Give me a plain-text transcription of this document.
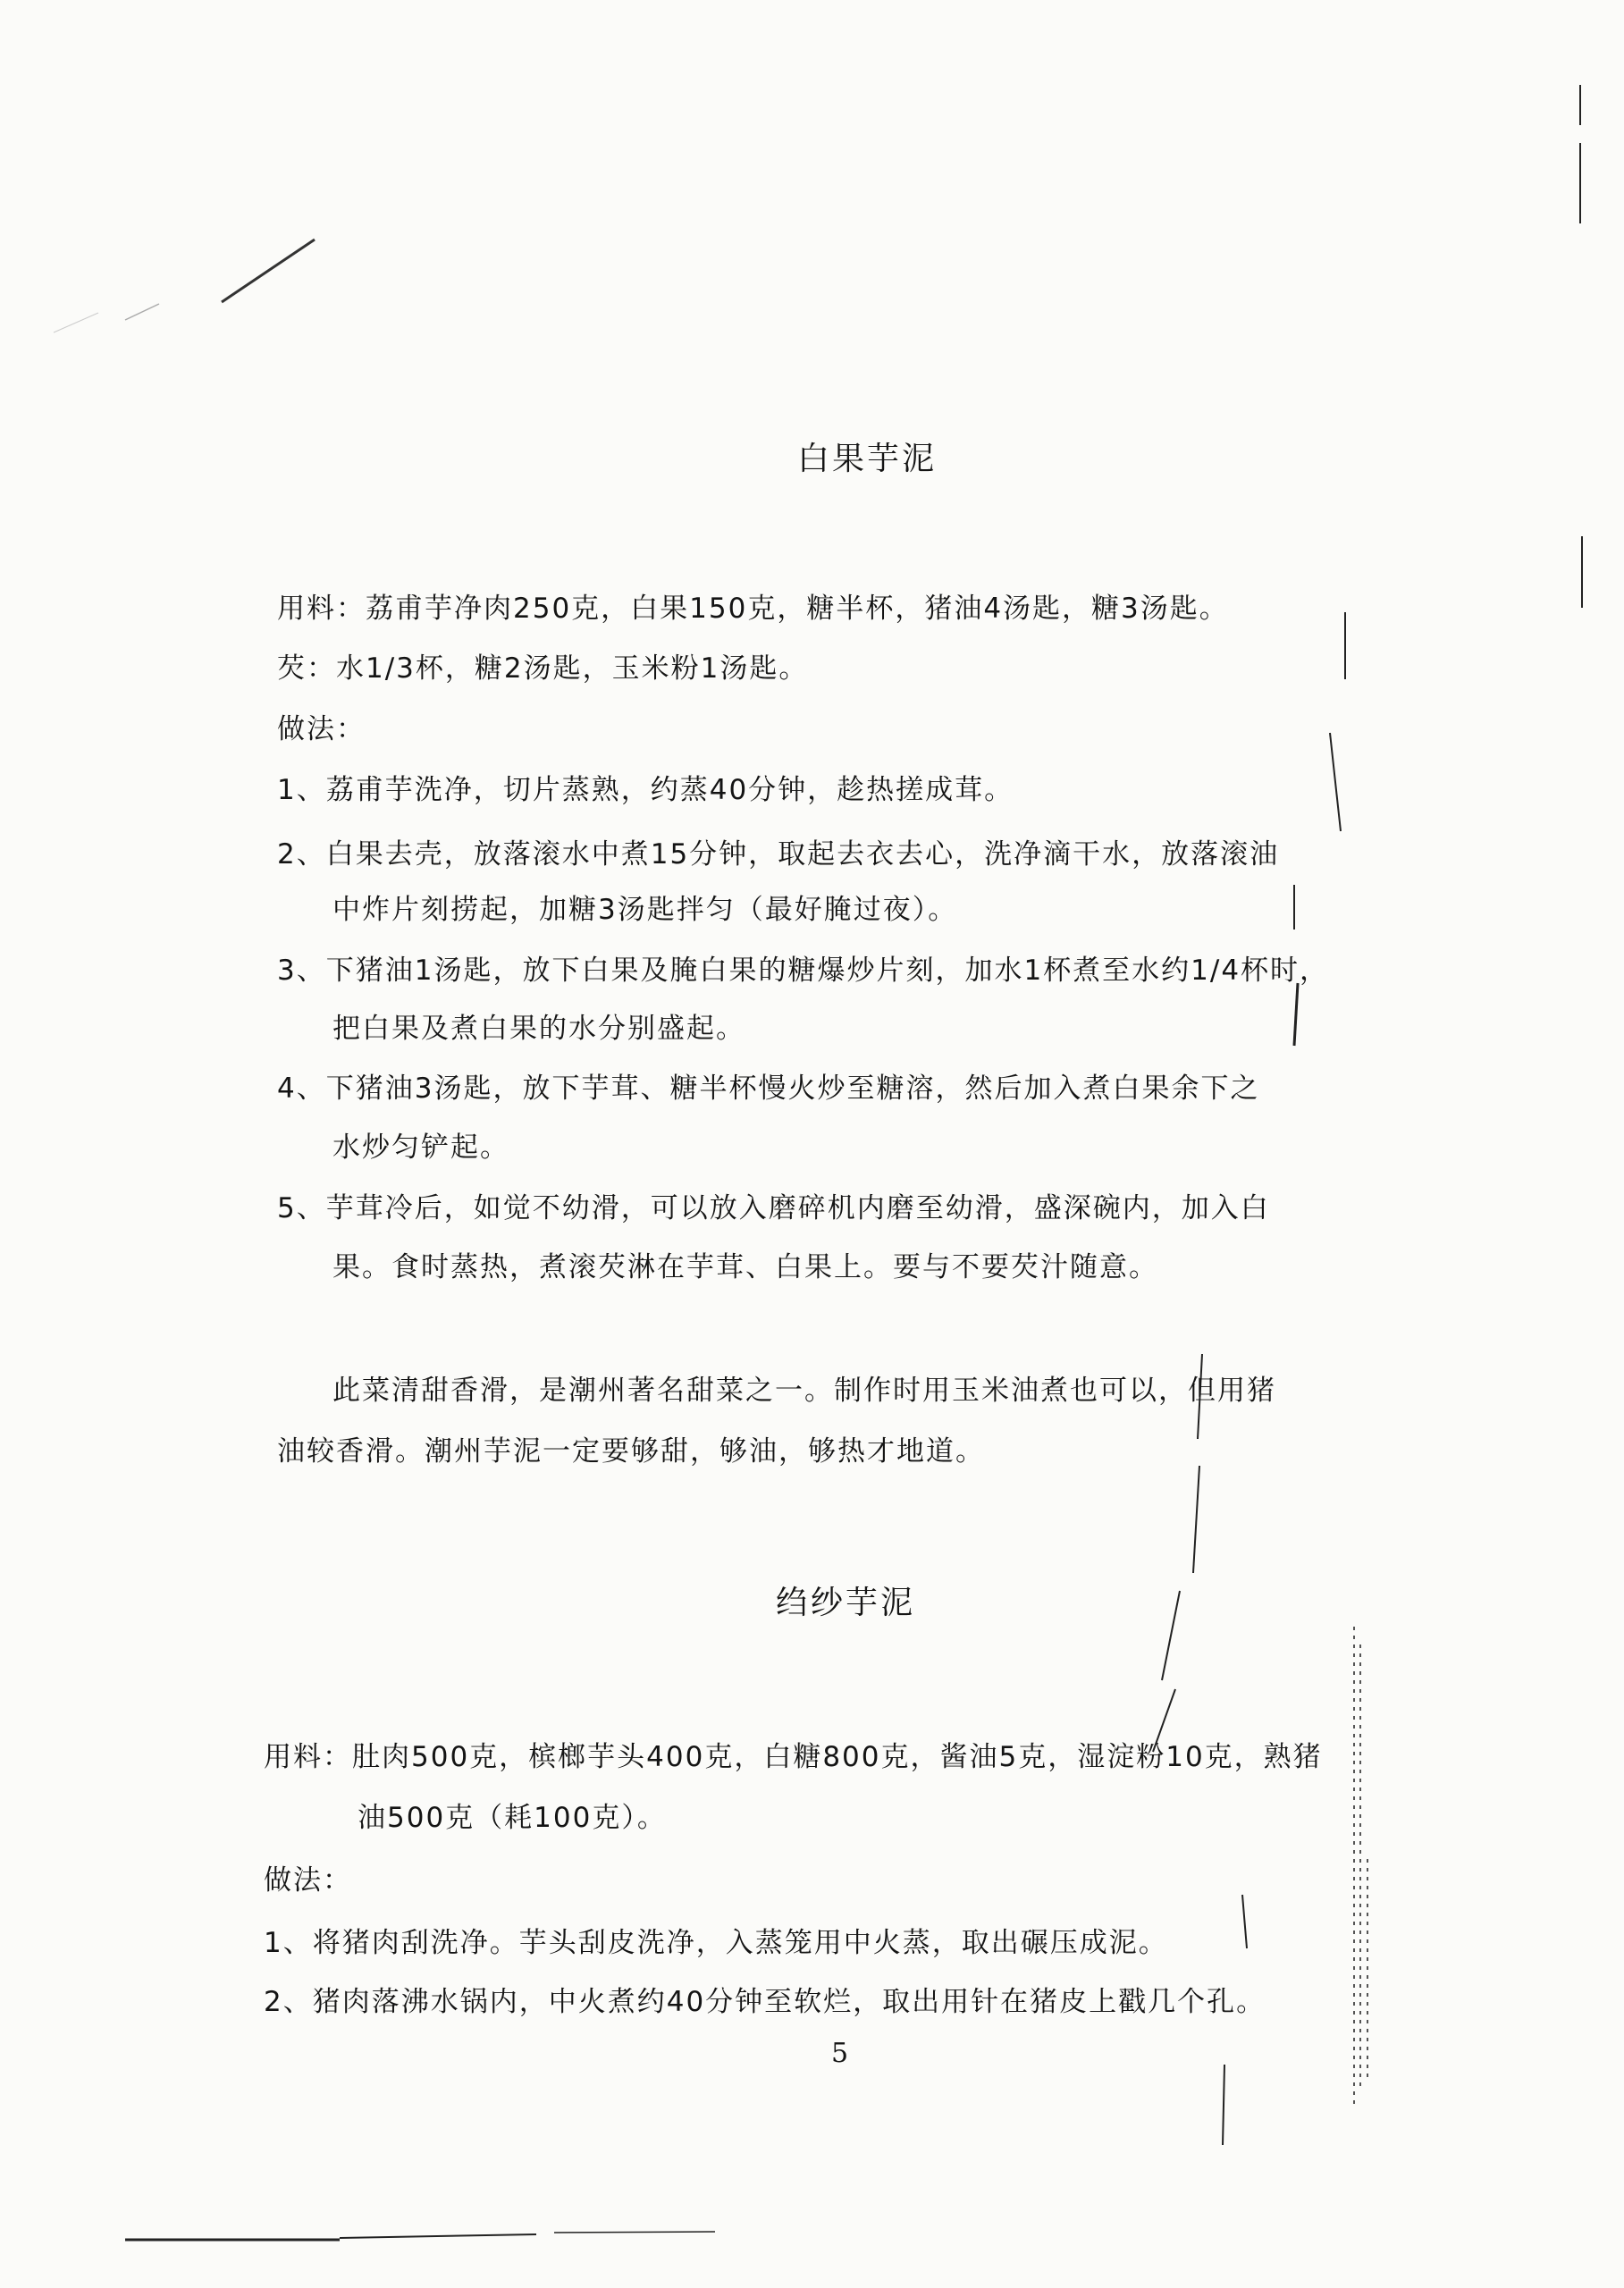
白果芋泥
用料：荔甫芋净肉250克，白果150克，糖半杯，猪油4汤匙，糖3汤匙。
芡：水1/3杯，糖2汤匙，玉米粉1汤匙。
做法：
1、荔甫芋洗净，切片蒸熟，约蒸40分钟，趁热搓成茸。
2、白果去壳，放落滚水中煮15分钟，取起去衣去心，洗净滴干水，放落滚油
中炸片刻捞起，加糖3汤匙拌匀（最好腌过夜）。
3、下猪油1汤匙，放下白果及腌白果的糖爆炒片刻，加水1杯煮至水约1/4杯时，
把白果及煮白果的水分别盛起。
4、下猪油3汤匙，放下芋茸、糖半杯慢火炒至糖溶，然后加入煮白果余下之
水炒匀铲起。
5、芋茸冷后，如觉不幼滑，可以放入磨碎机内磨至幼滑，盛深碗内，加入白
果。食时蒸热，煮滚芡淋在芋茸、白果上。要与不要芡汁随意。
此菜清甜香滑，是潮州著名甜菜之一。制作时用玉米油煮也可以，但用猪
油较香滑。潮州芋泥一定要够甜，够油，够热才地道。
绉纱芋泥
用料：肚肉500克，槟榔芋头400克，白糖800克，酱油5克，湿淀粉10克，熟猪
油500克（耗100克）。
做法：
1、将猪肉刮洗净。芋头刮皮洗净，入蒸笼用中火蒸，取出碾压成泥。
2、猪肉落沸水锅内，中火煮约40分钟至软烂，取出用针在猪皮上戳几个孔。
5
